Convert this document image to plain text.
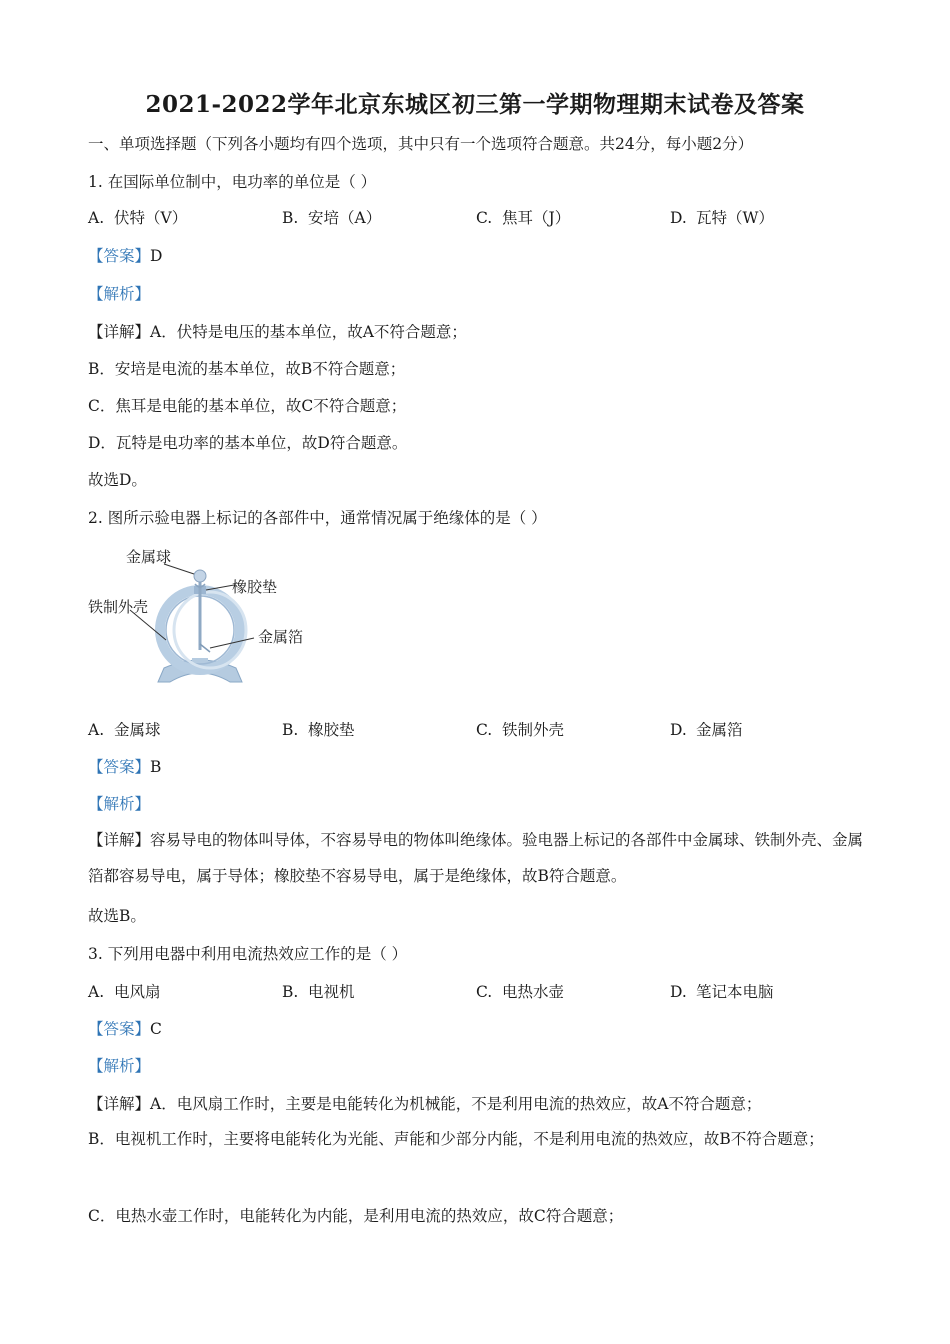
2021-2022学年北京东城区初三第一学期物理期末试卷及答案
一、单项选择题（下列各小题均有四个选项，其中只有一个选项符合题意。共24分，每小题2分）
1. 在国际单位制中，电功率的单位是（ ）
A. 伏特（V）	B. 安培（A）	C. 焦耳（J）	D. 瓦特（W）
【答案】D
【解析】
【详解】A．伏特是电压的基本单位，故A不符合题意；
B．安培是电流的基本单位，故B不符合题意；
C．焦耳是电能的基本单位，故C不符合题意；
D．瓦特是电功率的基本单位，故D符合题意。
故选D。
2. 图所示验电器上标记的各部件中，通常情况属于绝缘体的是（ ）
金属球
橡胶垫
铁制外壳
金属箔
A. 金属球	B. 橡胶垫	C. 铁制外壳	D. 金属箔
【答案】B
【解析】
【详解】容易导电的物体叫导体，不容易导电的物体叫绝缘体。验电器上标记的各部件中金属球、铁制外壳、金属箔都容易导电，属于导体；橡胶垫不容易导电，属于是绝缘体，故B符合题意。
故选B。
3. 下列用电器中利用电流热效应工作的是（ ）
A. 电风扇	B. 电视机	C. 电热水壶	D. 笔记本电脑
【答案】C
【解析】
【详解】A．电风扇工作时，主要是电能转化为机械能，不是利用电流的热效应，故A不符合题意；
B．电视机工作时，主要将电能转化为光能、声能和少部分内能，不是利用电流的热效应，故B不符合题意；
C．电热水壶工作时，电能转化为内能，是利用电流的热效应，故C符合题意；
